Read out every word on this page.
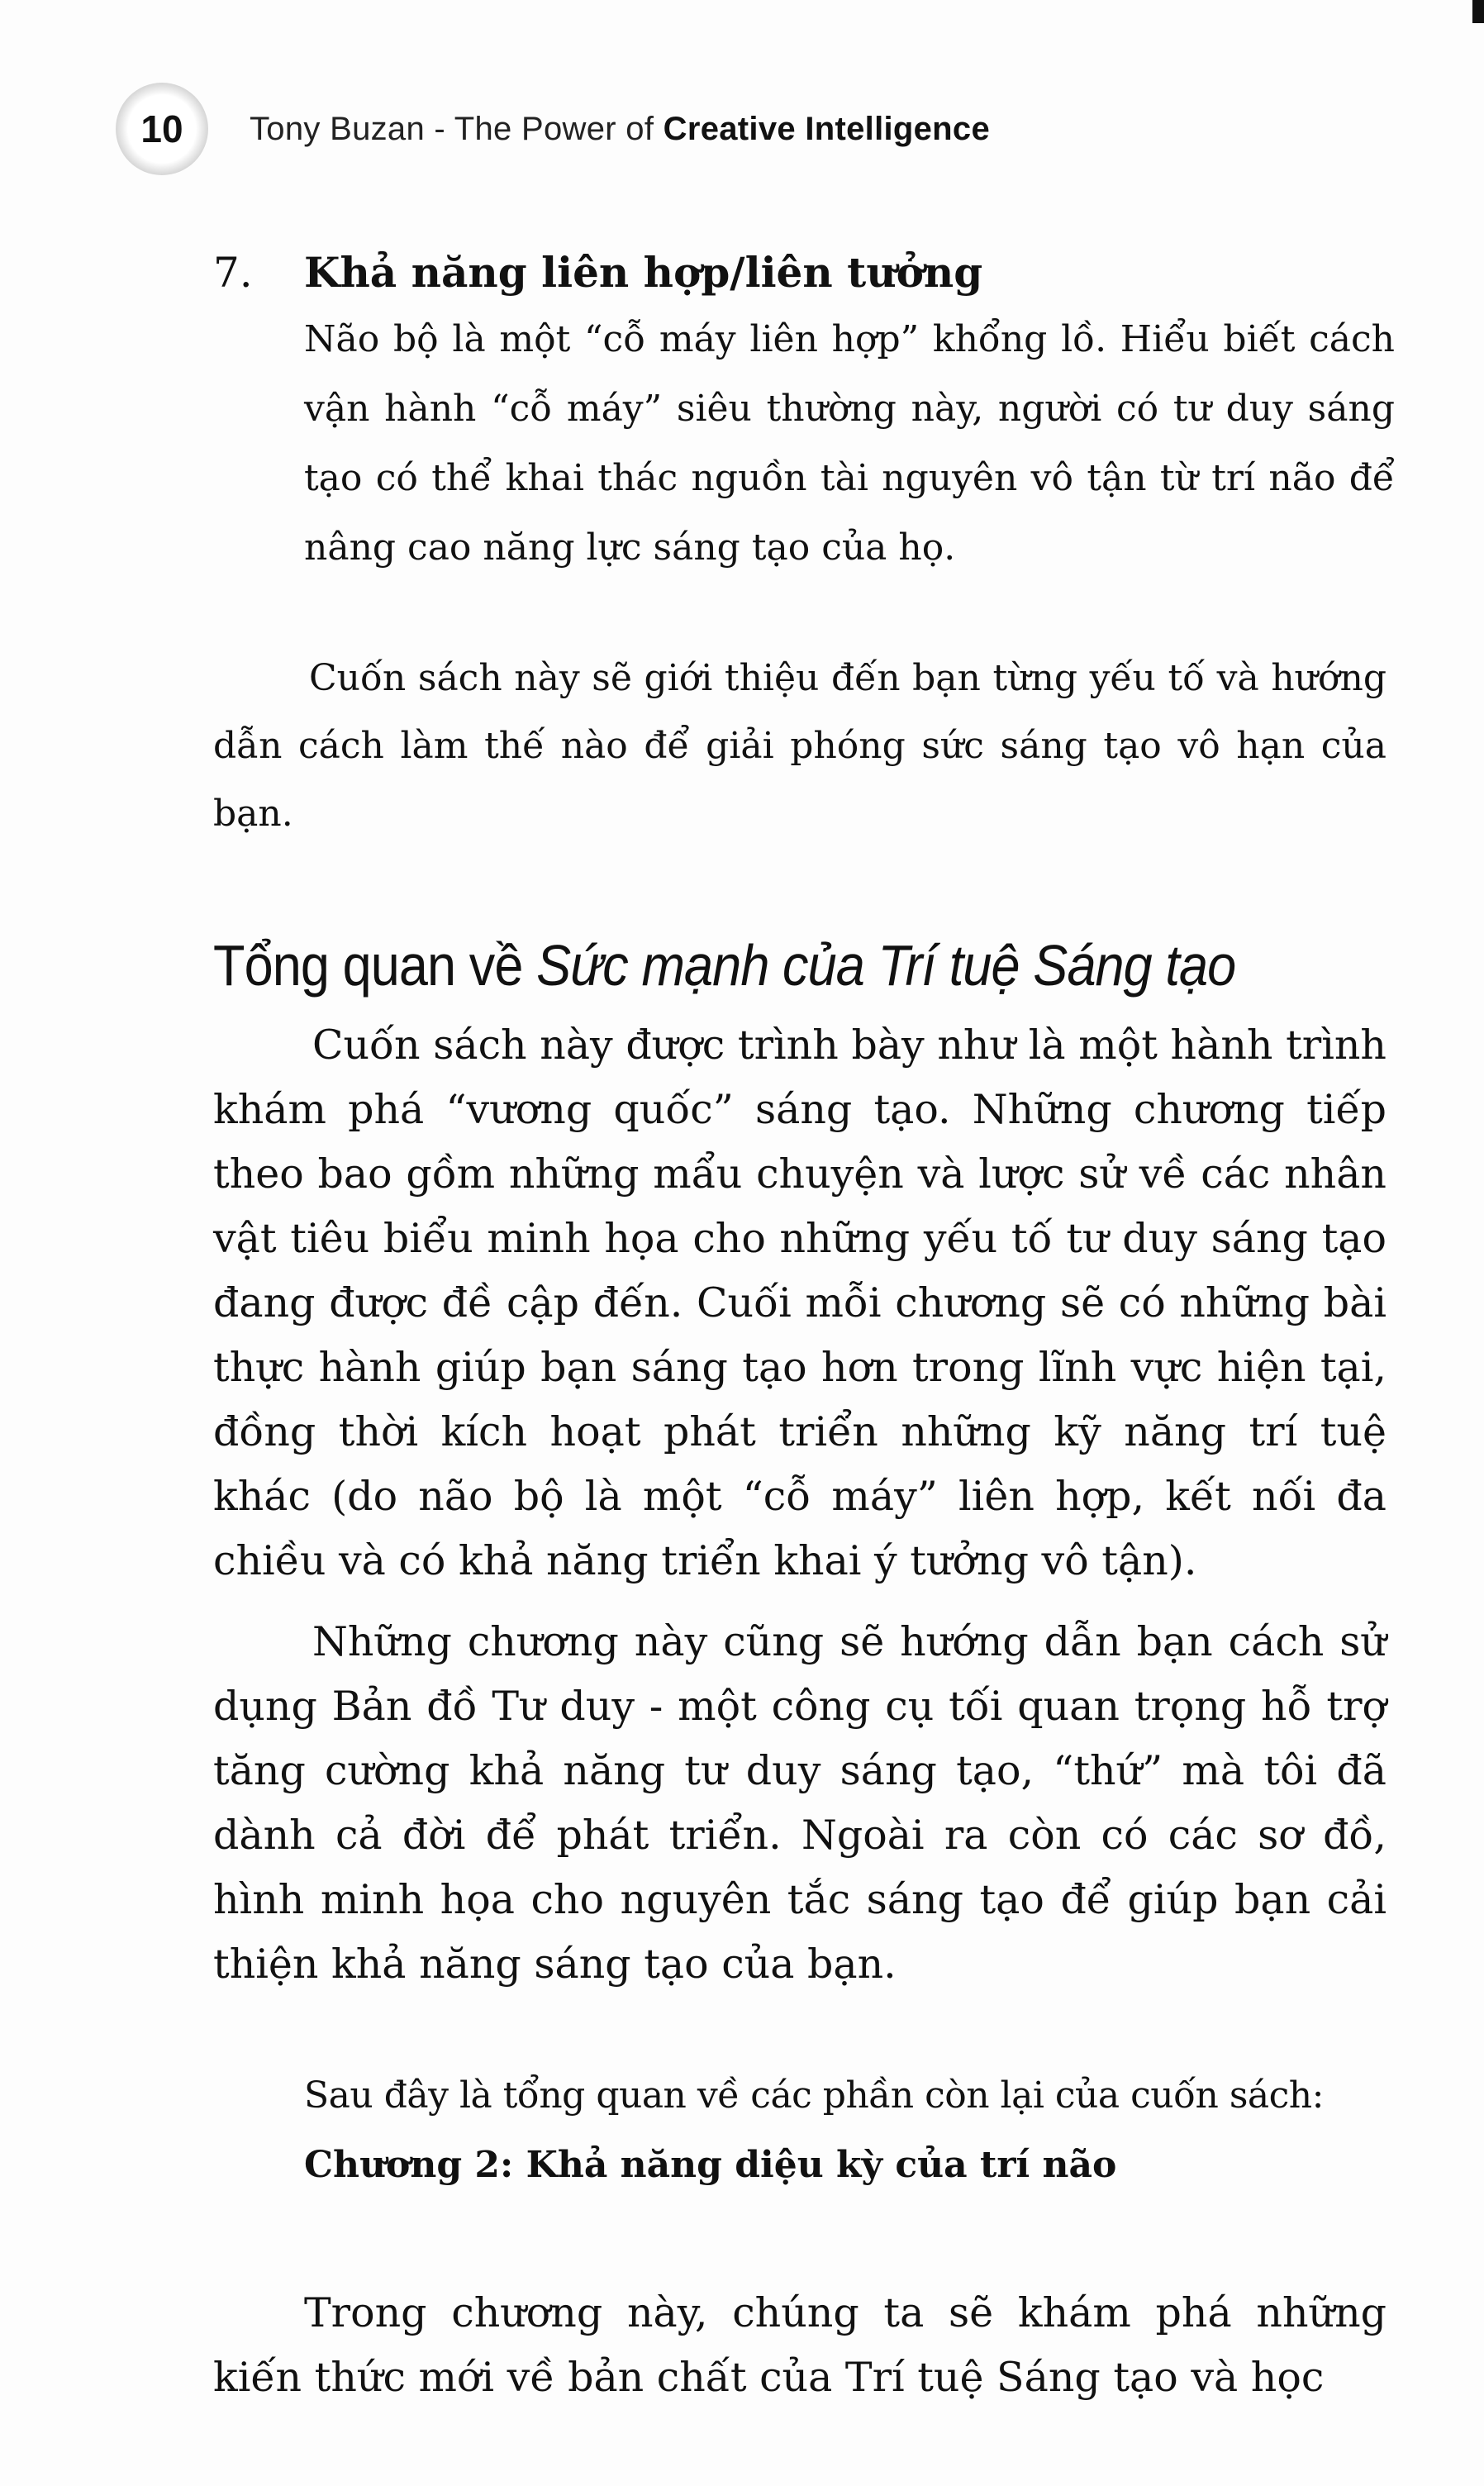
10	Tony Buzan - The Power of Creative Intelligence
7.	Khả năng liên hợp/liên tưởng
Não bộ là một “cỗ máy liên hợp” khổng lồ. Hiểu biết cách vận hành “cỗ máy” siêu thường này, người có tư duy sáng tạo có thể khai thác nguồn tài nguyên vô tận từ trí não để nâng cao năng lực sáng tạo của họ.

Cuốn sách này sẽ giới thiệu đến bạn từng yếu tố và hướng dẫn cách làm thế nào để giải phóng sức sáng tạo vô hạn của bạn.

Tổng quan về Sức mạnh của Trí tuệ Sáng tạo

Cuốn sách này được trình bày như là một hành trình khám phá “vương quốc” sáng tạo. Những chương tiếp theo bao gồm những mẩu chuyện và lược sử về các nhân vật tiêu biểu minh họa cho những yếu tố tư duy sáng tạo đang được đề cập đến. Cuối mỗi chương sẽ có những bài thực hành giúp bạn sáng tạo hơn trong lĩnh vực hiện tại, đồng thời kích hoạt phát triển những kỹ năng trí tuệ khác (do não bộ là một “cỗ máy” liên hợp, kết nối đa chiều và có khả năng triển khai ý tưởng vô tận).

Những chương này cũng sẽ hướng dẫn bạn cách sử dụng Bản đồ Tư duy - một công cụ tối quan trọng hỗ trợ tăng cường khả năng tư duy sáng tạo, “thứ” mà tôi đã dành cả đời để phát triển. Ngoài ra còn có các sơ đồ, hình minh họa cho nguyên tắc sáng tạo để giúp bạn cải thiện khả năng sáng tạo của bạn.

Sau đây là tổng quan về các phần còn lại của cuốn sách:

Chương 2: Khả năng diệu kỳ của trí não

Trong chương này, chúng ta sẽ khám phá những kiến thức mới về bản chất của Trí tuệ Sáng tạo và học
